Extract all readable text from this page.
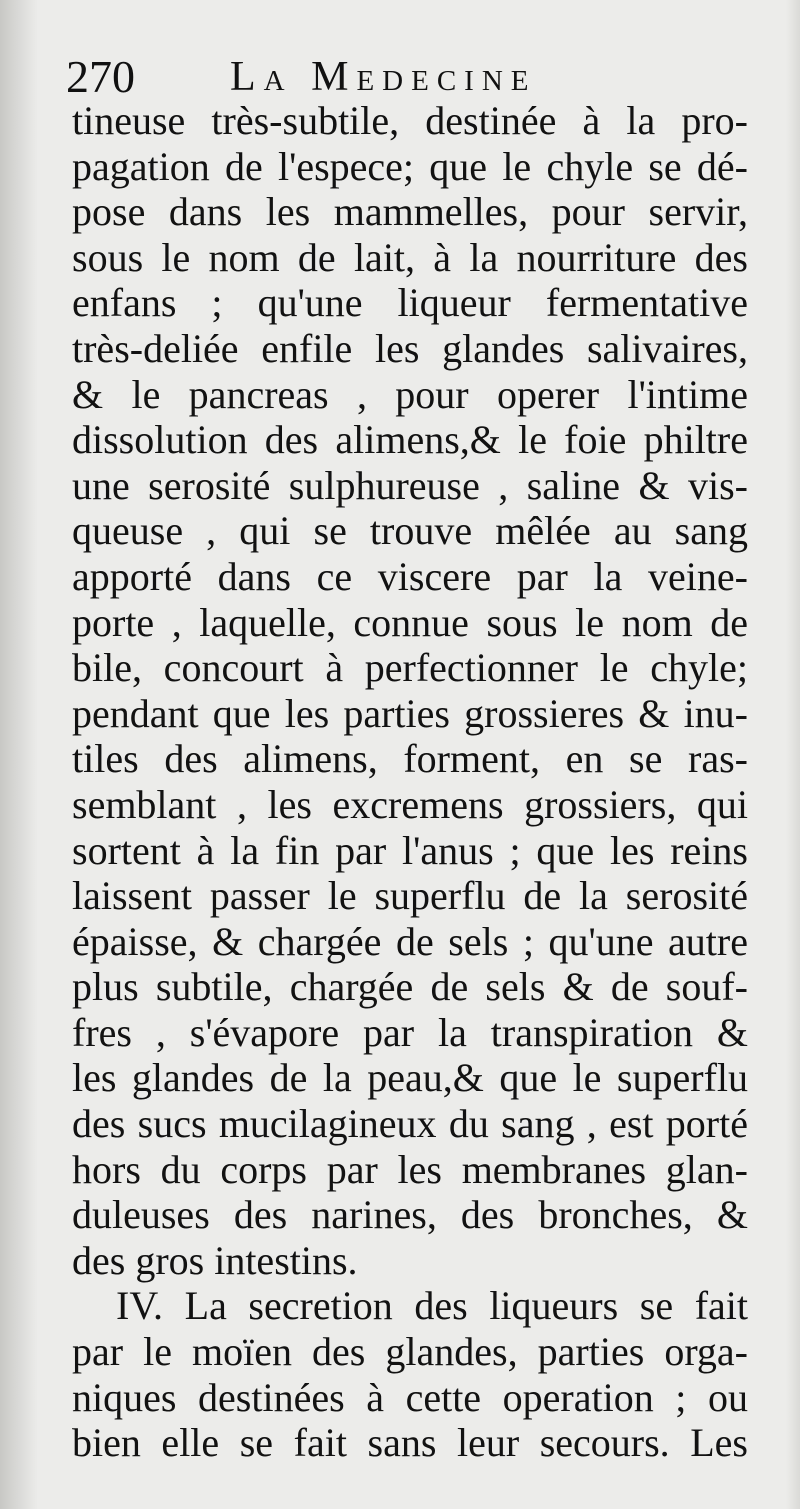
270 La Medecine
tineuse très-subtile, destinée à la pro-
pagation de l'espece; que le chyle se dé-
pose dans les mammelles, pour servir,
sous le nom de lait, à la nourriture des
enfans ; qu'une liqueur fermentative
très-deliée enfile les glandes salivaires,
& le pancreas , pour operer l'intime
dissolution des alimens,& le foie philtre
une serosité sulphureuse , saline & vis-
queuse , qui se trouve mêlée au sang
apporté dans ce viscere par la veine-
porte , laquelle, connue sous le nom de
bile, concourt à perfectionner le chyle;
pendant que les parties grossieres & inu-
tiles des alimens, forment, en se ras-
semblant , les excremens grossiers, qui
sortent à la fin par l'anus ; que les reins
laissent passer le superflu de la serosité
épaisse, & chargée de sels ; qu'une autre
plus subtile, chargée de sels & de souf-
fres , s'évapore par la transpiration &
les glandes de la peau,& que le superflu
des sucs mucilagineux du sang , est porté
hors du corps par les membranes glan-
duleuses des narines, des bronches, &
des gros intestins.
IV. La secretion des liqueurs se fait
par le moïen des glandes, parties orga-
niques destinées à cette operation ; ou
bien elle se fait sans leur secours. Les
